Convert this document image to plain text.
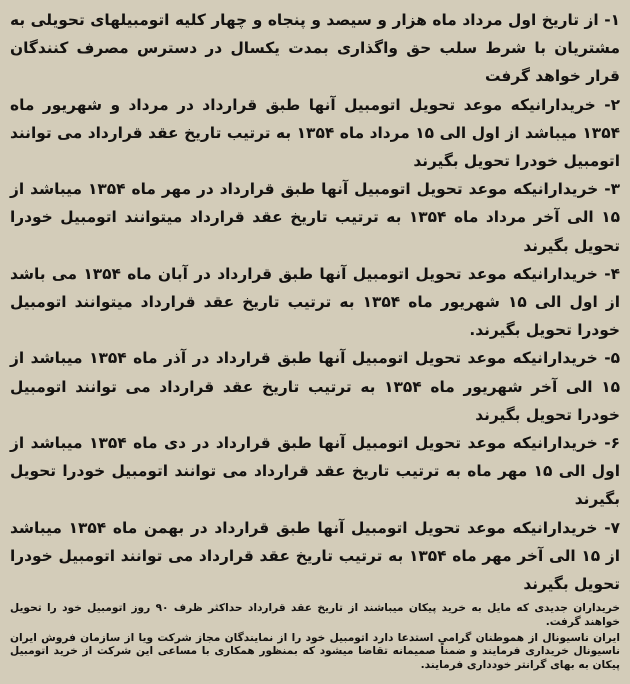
۱- از تاریخ اول مرداد ماه هزار و سیصد و پنجاه و چهار کلیه اتومبیلهای تحویلی به مشتریان با شرط سلب حق واگذاری بمدت یکسال در دسترس مصرف کنندگان قرار خواهد گرفت

۲- خریدارانیکه موعد تحویل اتومبیل آنها طبق قرارداد در مرداد و شهریور ماه ۱۳۵۴ میباشد از اول الی ۱۵ مرداد ماه ۱۳۵۴ به ترتیب تاریخ عقد قرارداد می توانند اتومبیل خودرا تحویل بگیرند

۳- خریدارانیکه موعد تحویل اتومبیل آنها طبق قرارداد در مهر ماه ۱۳۵۴ میباشد از ۱۵ الی آخر مرداد ماه ۱۳۵۴ به ترتیب تاریخ عقد قرارداد میتوانند اتومبیل خودرا تحویل بگیرند

۴- خریدارانیکه موعد تحویل اتومبیل آنها طبق قرارداد در آبان ماه ۱۳۵۴ می باشد از اول الی ۱۵ شهریور ماه ۱۳۵۴ به ترتیب تاریخ عقد قرارداد میتوانند اتومبیل خودرا تحویل بگیرند.

۵- خریدارانیکه موعد تحویل اتومبیل آنها طبق قرارداد در آذر ماه ۱۳۵۴ میباشد از ۱۵ الی آخر شهریور ماه ۱۳۵۴ به ترتیب تاریخ عقد قرارداد می توانند اتومبیل خودرا تحویل بگیرند

۶- خریدارانیکه موعد تحویل اتومبیل آنها طبق قرارداد در دی ماه ۱۳۵۴ میباشد از اول الی ۱۵ مهر ماه به ترتیب تاریخ عقد قرارداد می توانند اتومبیل خودرا تحویل بگیرند

۷- خریدارانیکه موعد تحویل اتومبیل آنها طبق قرارداد در بهمن ماه ۱۳۵۴ میباشد از ۱۵ الی آخر مهر ماه ۱۳۵۴ به ترتیب تاریخ عقد قرارداد می توانند اتومبیل خودرا تحویل بگیرند

خریداران جدیدی که مایل به خرید پیکان میباشند از تاریخ عقد قرارداد حداکثر ظرف ۹۰ روز اتومبیل خود را تحویل خواهند گرفت.

ایران ناسیونال از هموطنان گرامی استدعا دارد اتومبیل خود را از نمایندگان مجاز شرکت ویا از سازمان فروش ایران ناسیونال خریداری فرمایند و ضمناً صمیمانه تقاضا میشود که بمنظور همکاری با مساعی این شرکت از خرید اتومبیل پیکان به بهای گرانتر خودداری فرمایند.
